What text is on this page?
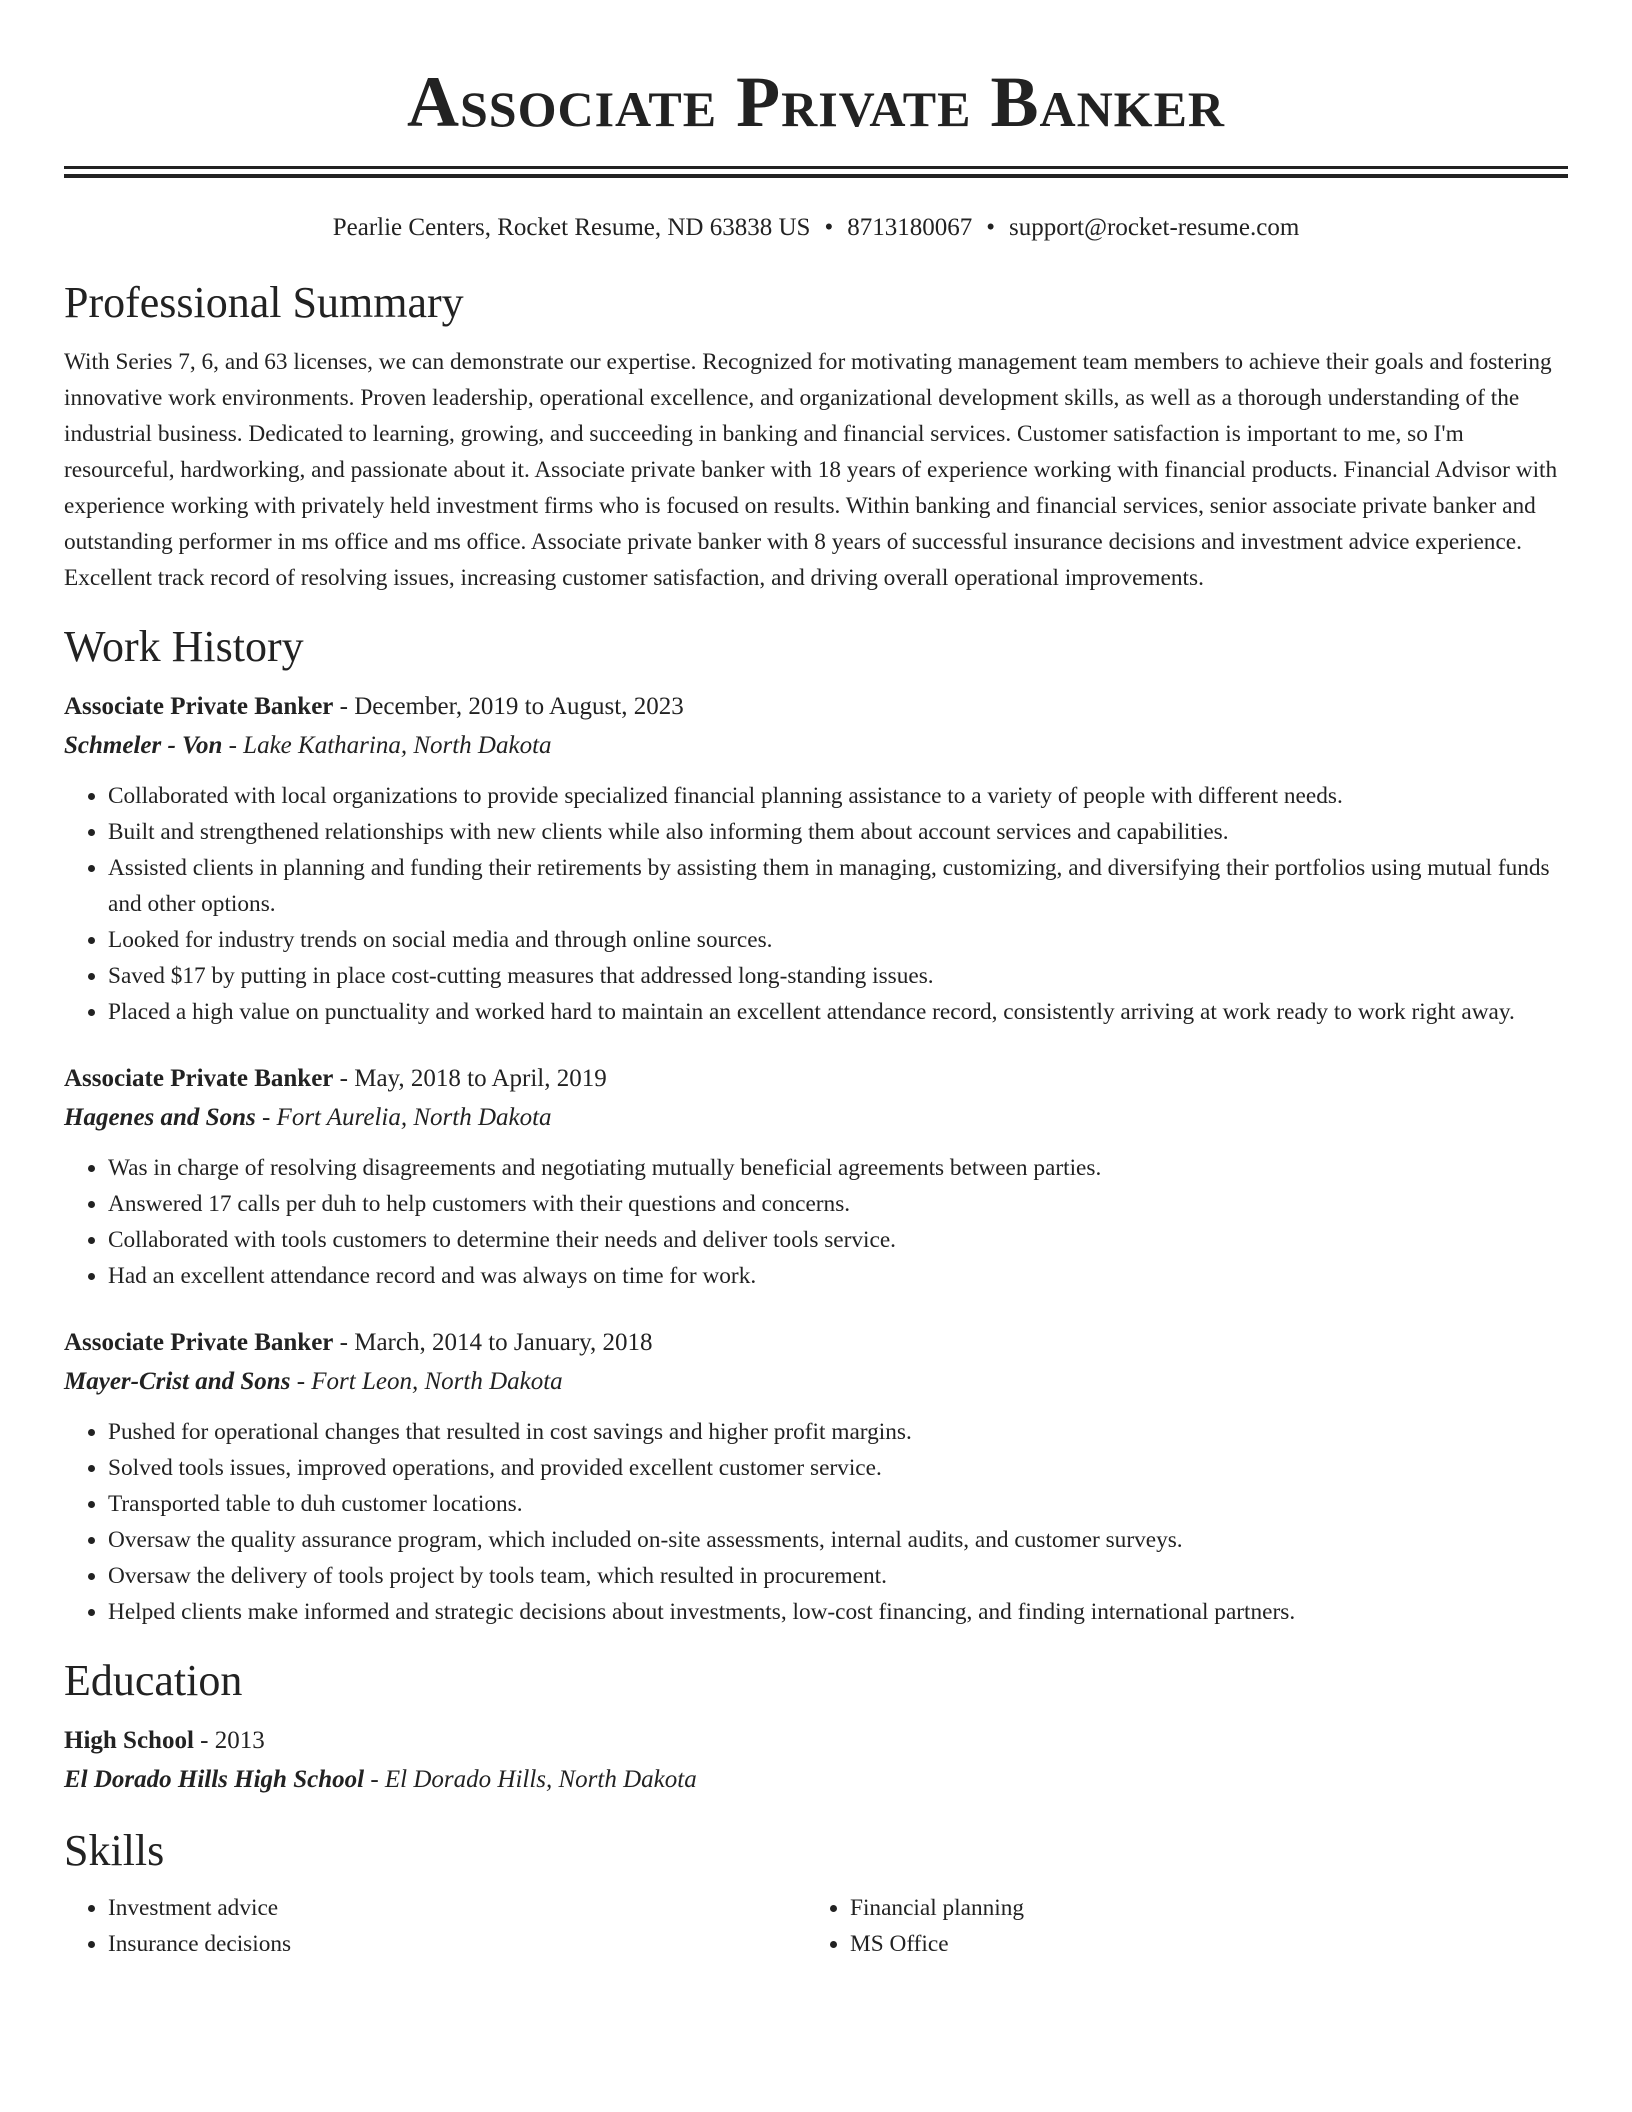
Associate Private Banker
Pearlie Centers, Rocket Resume, ND 63838 US • 8713180067 • support@rocket-resume.com
Professional Summary

With Series 7, 6, and 63 licenses, we can demonstrate our expertise. Recognized for motivating management team members to achieve their goals and fostering innovative work environments. Proven leadership, operational excellence, and organizational development skills, as well as a thorough understanding of the industrial business. Dedicated to learning, growing, and succeeding in banking and financial services. Customer satisfaction is important to me, so I'm resourceful, hardworking, and passionate about it. Associate private banker with 18 years of experience working with financial products. Financial Advisor with experience working with privately held investment firms who is focused on results. Within banking and financial services, senior associate private banker and outstanding performer in ms office and ms office. Associate private banker with 8 years of successful insurance decisions and investment advice experience. Excellent track record of resolving issues, increasing customer satisfaction, and driving overall operational improvements.

Work History
Associate Private Banker - December, 2019 to August, 2023
Schmeler - Von - Lake Katharina, North Dakota
• Collaborated with local organizations to provide specialized financial planning assistance to a variety of people with different needs.
• Built and strengthened relationships with new clients while also informing them about account services and capabilities.
• Assisted clients in planning and funding their retirements by assisting them in managing, customizing, and diversifying their portfolios using mutual funds and other options.
• Looked for industry trends on social media and through online sources.
• Saved $17 by putting in place cost-cutting measures that addressed long-standing issues.
• Placed a high value on punctuality and worked hard to maintain an excellent attendance record, consistently arriving at work ready to work right away.
Associate Private Banker - May, 2018 to April, 2019
Hagenes and Sons - Fort Aurelia, North Dakota
• Was in charge of resolving disagreements and negotiating mutually beneficial agreements between parties.
• Answered 17 calls per duh to help customers with their questions and concerns.
• Collaborated with tools customers to determine their needs and deliver tools service.
• Had an excellent attendance record and was always on time for work.
Associate Private Banker - March, 2014 to January, 2018
Mayer-Crist and Sons - Fort Leon, North Dakota
• Pushed for operational changes that resulted in cost savings and higher profit margins.
• Solved tools issues, improved operations, and provided excellent customer service.
• Transported table to duh customer locations.
• Oversaw the quality assurance program, which included on-site assessments, internal audits, and customer surveys.
• Oversaw the delivery of tools project by tools team, which resulted in procurement.
• Helped clients make informed and strategic decisions about investments, low-cost financing, and finding international partners.
Education
High School - 2013
El Dorado Hills High School - El Dorado Hills, North Dakota
Skills
• Investment advice
• Insurance decisions
• Financial planning
• MS Office
